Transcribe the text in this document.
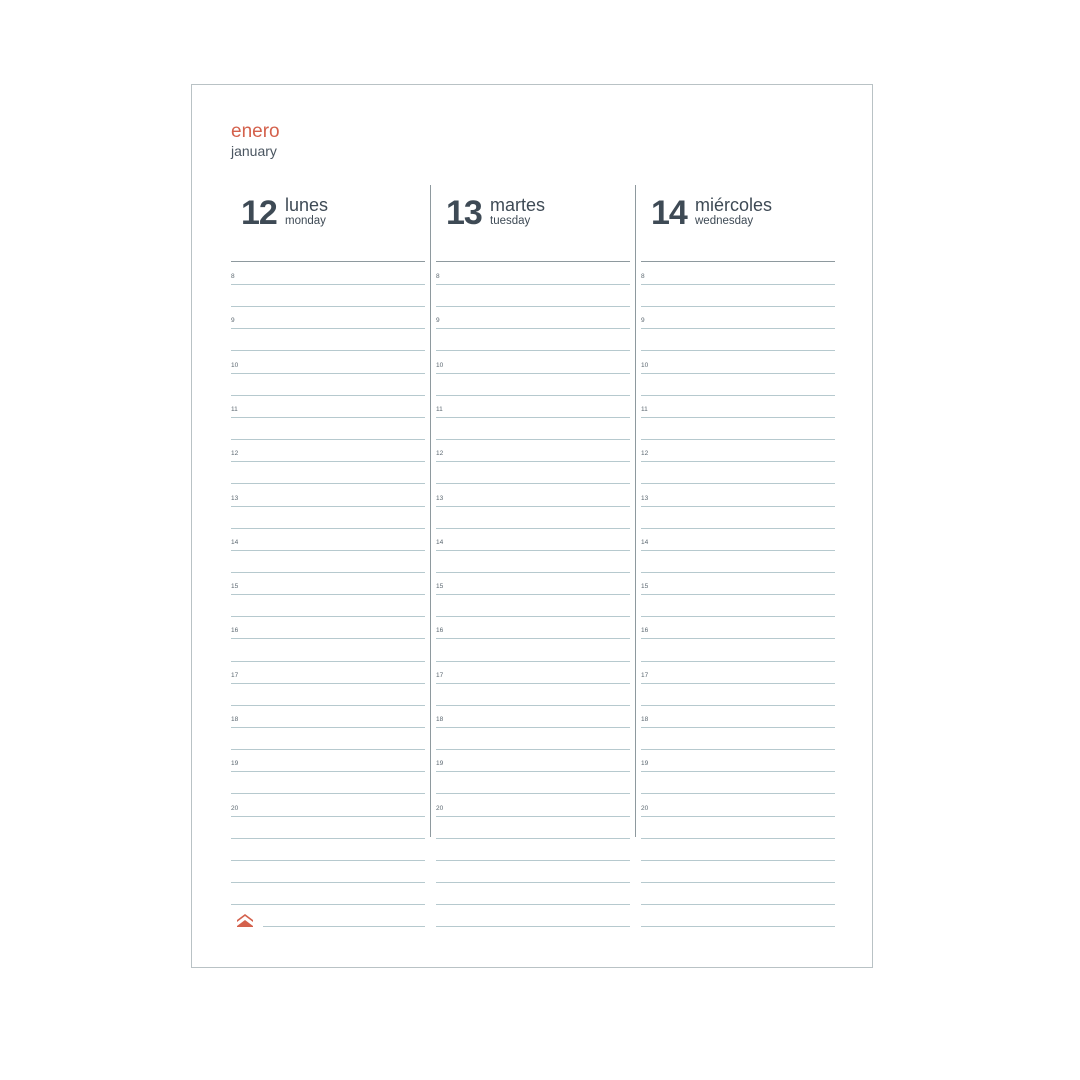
enero
january
12 lunes
monday
8
9
10
11
12
13
14
15
16
17
18
19
20
13 martes
tuesday
8
9
10
11
12
13
14
15
16
17
18
19
20
14 miércoles
wednesday
8
9
10
11
12
13
14
15
16
17
18
19
20
